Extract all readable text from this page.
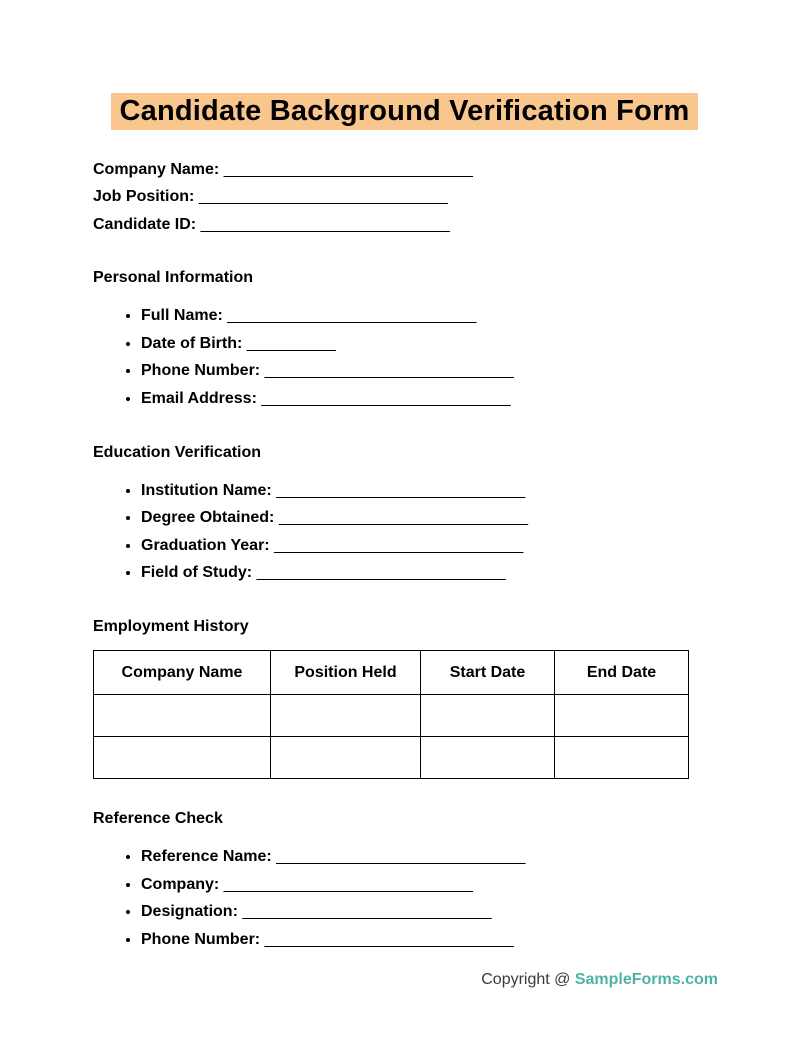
Candidate Background Verification Form

Company Name: ____________________________

Job Position: ____________________________

Candidate ID: ____________________________

Personal Information
• Full Name: ____________________________
• Date of Birth: __________
• Phone Number: ____________________________
• Email Address: ____________________________
Education Verification
• Institution Name: ____________________________
• Degree Obtained: ____________________________
• Graduation Year: ____________________________
• Field of Study: ____________________________
Employment History
Company Name	Position Held	Start Date	End Date

Reference Check
• Reference Name: ____________________________
• Company: ____________________________
• Designation: ____________________________
• Phone Number: ____________________________
Copyright @ SampleForms.com
